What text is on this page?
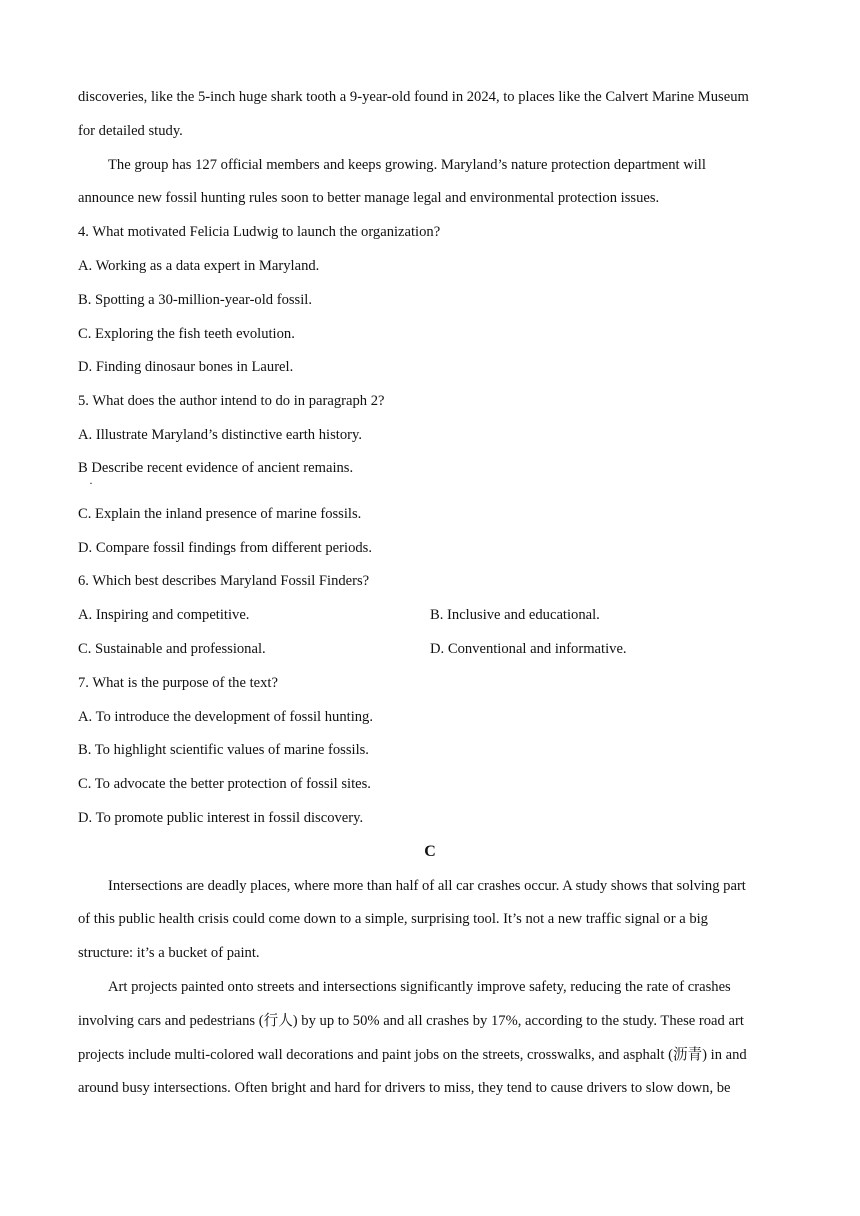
discoveries, like the 5-inch huge shark tooth a 9-year-old found in 2024, to places like the Calvert Marine Museum
for detailed study.
The group has 127 official members and keeps growing. Maryland’s nature protection department will
announce new fossil hunting rules soon to better manage legal and environmental protection issues.
4. What motivated Felicia Ludwig to launch the organization?
A. Working as a data expert in Maryland.
B. Spotting a 30-million-year-old fossil.
C. Exploring the fish teeth evolution.
D. Finding dinosaur bones in Laurel.
5. What does the author intend to do in paragraph 2?
A. Illustrate Maryland’s distinctive earth history.
B Describe recent evidence of ancient remains.
·
C. Explain the inland presence of marine fossils.
D. Compare fossil findings from different periods.
6. Which best describes Maryland Fossil Finders?
A. Inspiring and competitive.	B. Inclusive and educational.
C. Sustainable and professional.	D. Conventional and informative.
7. What is the purpose of the text?
A. To introduce the development of fossil hunting.
B. To highlight scientific values of marine fossils.
C. To advocate the better protection of fossil sites.
D. To promote public interest in fossil discovery.
C
Intersections are deadly places, where more than half of all car crashes occur. A study shows that solving part
of this public health crisis could come down to a simple, surprising tool. It’s not a new traffic signal or a big
structure: it’s a bucket of paint.
Art projects painted onto streets and intersections significantly improve safety, reducing the rate of crashes
involving cars and pedestrians (行人) by up to 50% and all crashes by 17%, according to the study. These road art
projects include multi-colored wall decorations and paint jobs on the streets, crosswalks, and asphalt (沥青) in and
around busy intersections. Often bright and hard for drivers to miss, they tend to cause drivers to slow down, be
